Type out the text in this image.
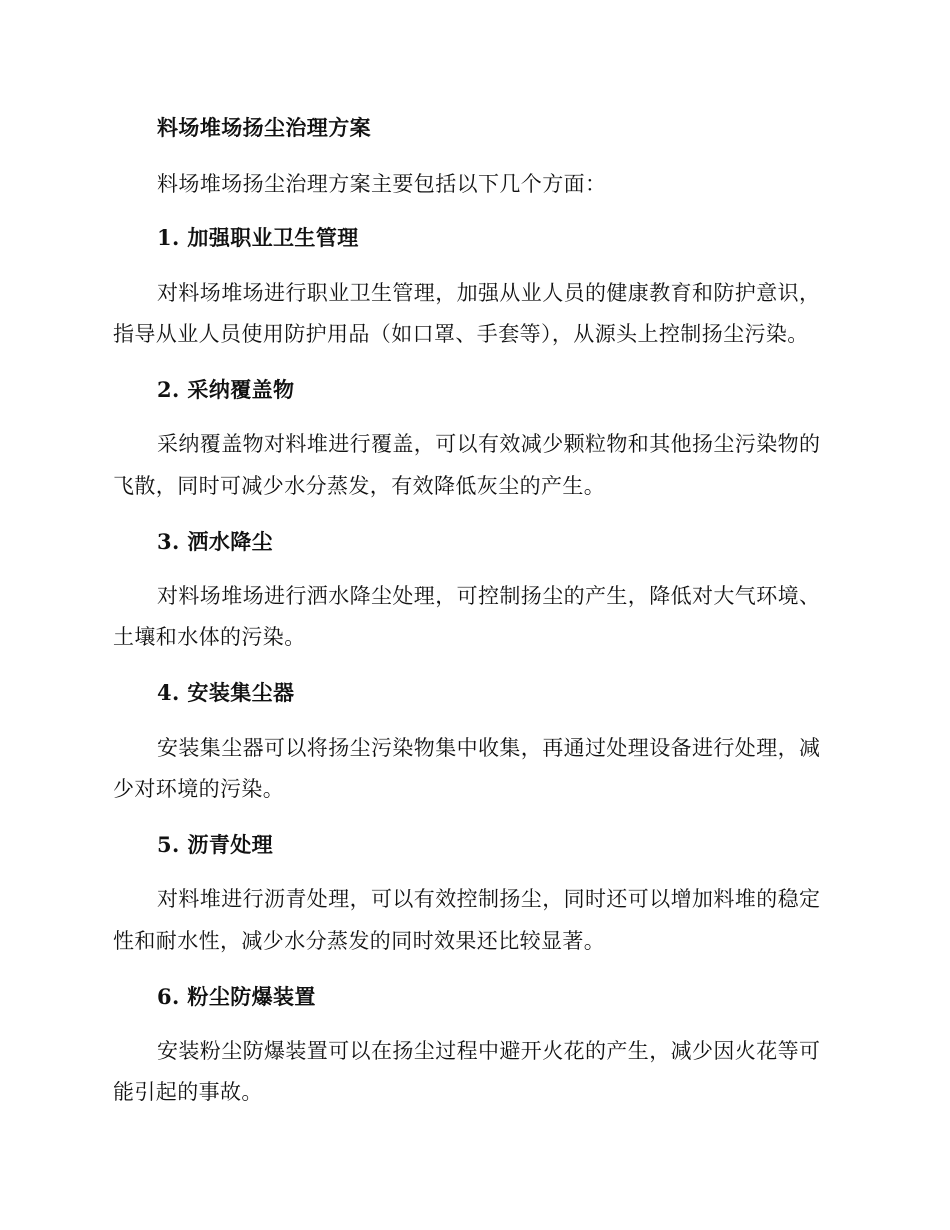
料场堆场扬尘治理方案
料场堆场扬尘治理方案主要包括以下几个方面：
1. 加强职业卫生管理
对料场堆场进行职业卫生管理，加强从业人员的健康教育和防护意识，
指导从业人员使用防护用品（如口罩、手套等），从源头上控制扬尘污染。
2. 采纳覆盖物
采纳覆盖物对料堆进行覆盖，可以有效减少颗粒物和其他扬尘污染物的
飞散，同时可减少水分蒸发，有效降低灰尘的产生。
3. 洒水降尘
对料场堆场进行洒水降尘处理，可控制扬尘的产生，降低对大气环境、
土壤和水体的污染。
4. 安装集尘器
安装集尘器可以将扬尘污染物集中收集，再通过处理设备进行处理，减
少对环境的污染。
5. 沥青处理
对料堆进行沥青处理，可以有效控制扬尘，同时还可以增加料堆的稳定
性和耐水性，减少水分蒸发的同时效果还比较显著。
6. 粉尘防爆装置
安装粉尘防爆装置可以在扬尘过程中避开火花的产生，减少因火花等可
能引起的事故。
